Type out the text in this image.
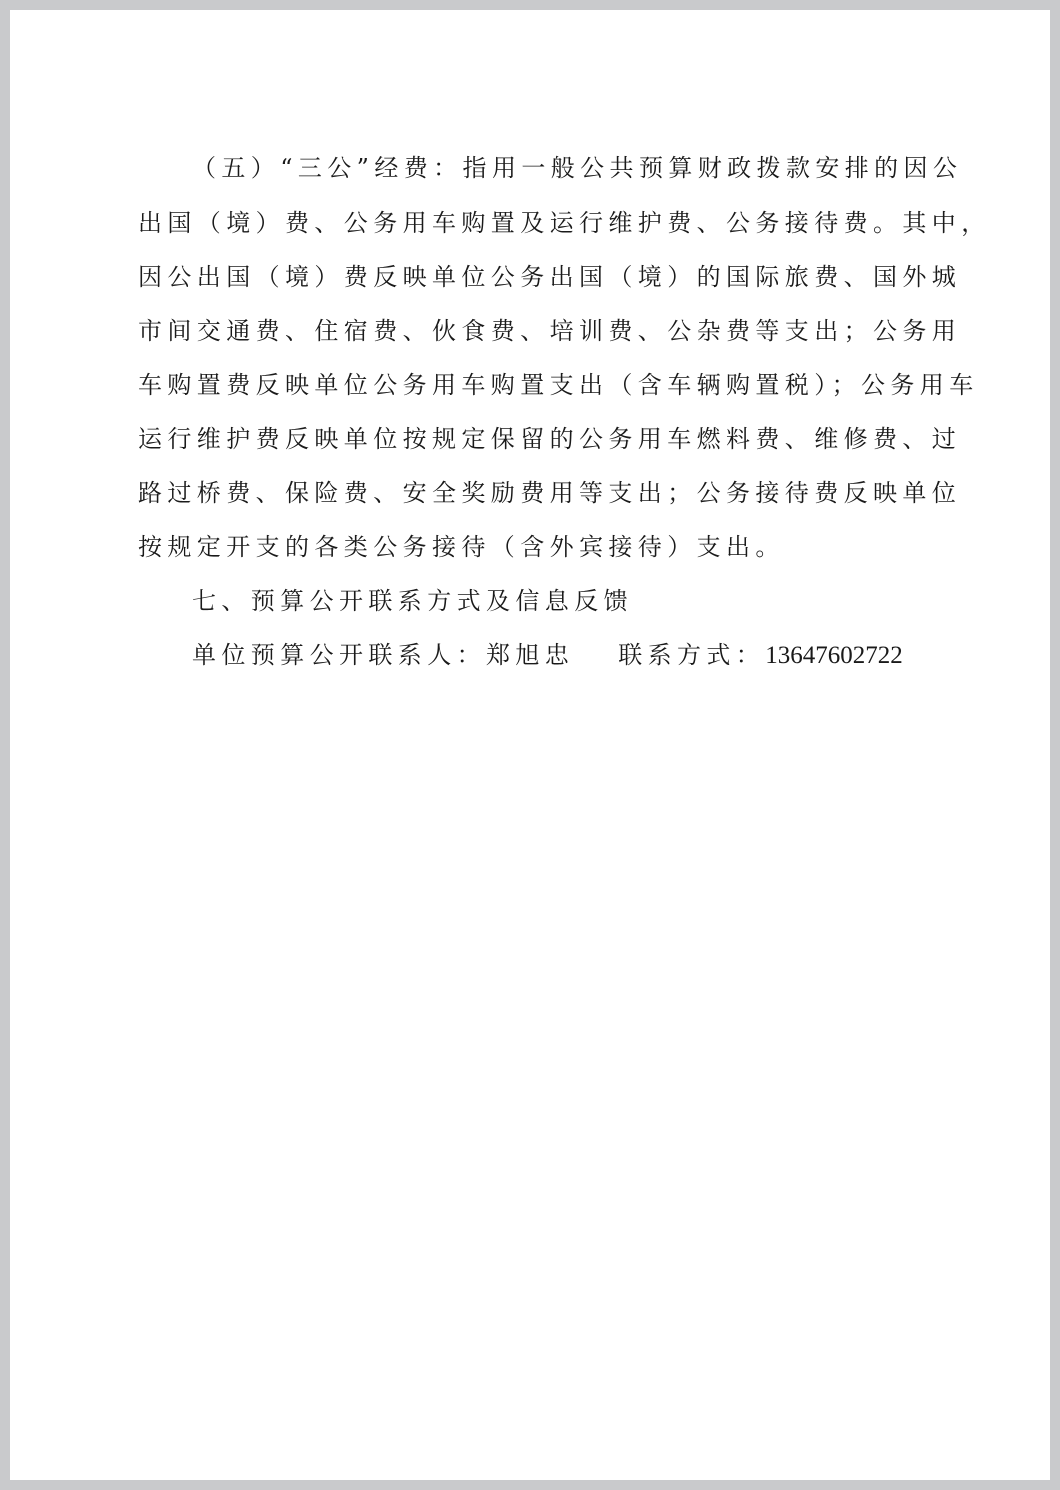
（五）“三公”经费：指用一般公共预算财政拨款安排的因公
出国（境）费、公务用车购置及运行维护费、公务接待费。其中，
因公出国（境）费反映单位公务出国（境）的国际旅费、国外城
市间交通费、住宿费、伙食费、培训费、公杂费等支出；公务用
车购置费反映单位公务用车购置支出（含车辆购置税）；公务用车
运行维护费反映单位按规定保留的公务用车燃料费、维修费、过
路过桥费、保险费、安全奖励费用等支出；公务接待费反映单位
按规定开支的各类公务接待（含外宾接待）支出。
七、预算公开联系方式及信息反馈
单位预算公开联系人：郑旭忠 联系方式：13647602722
